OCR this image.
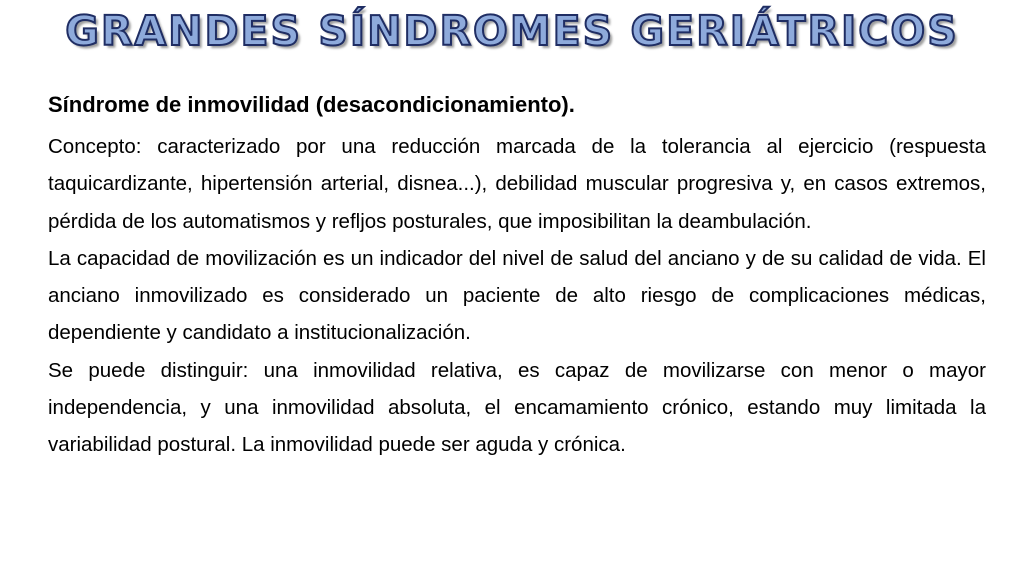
GRANDES SÍNDROMES GERIÁTRICOS

Síndrome de inmovilidad (desacondicionamiento).

Concepto: caracterizado por una reducción marcada de la tolerancia al ejercicio (respuesta taquicardizante, hipertensión arterial, disnea...), debilidad muscular progresiva y, en casos extremos, pérdida de los automatismos y refljos posturales, que imposibilitan la deambulación.

La capacidad de movilización es un indicador del nivel de salud del anciano y de su calidad de vida. El anciano inmovilizado es considerado un paciente de alto riesgo de complicaciones médicas, dependiente y candidato a institucionalización.

Se puede distinguir: una inmovilidad relativa, es capaz de movilizarse con menor o mayor independencia, y una inmovilidad absoluta, el encamamiento crónico, estando muy limitada la variabilidad postural. La inmovilidad puede ser aguda y crónica.
